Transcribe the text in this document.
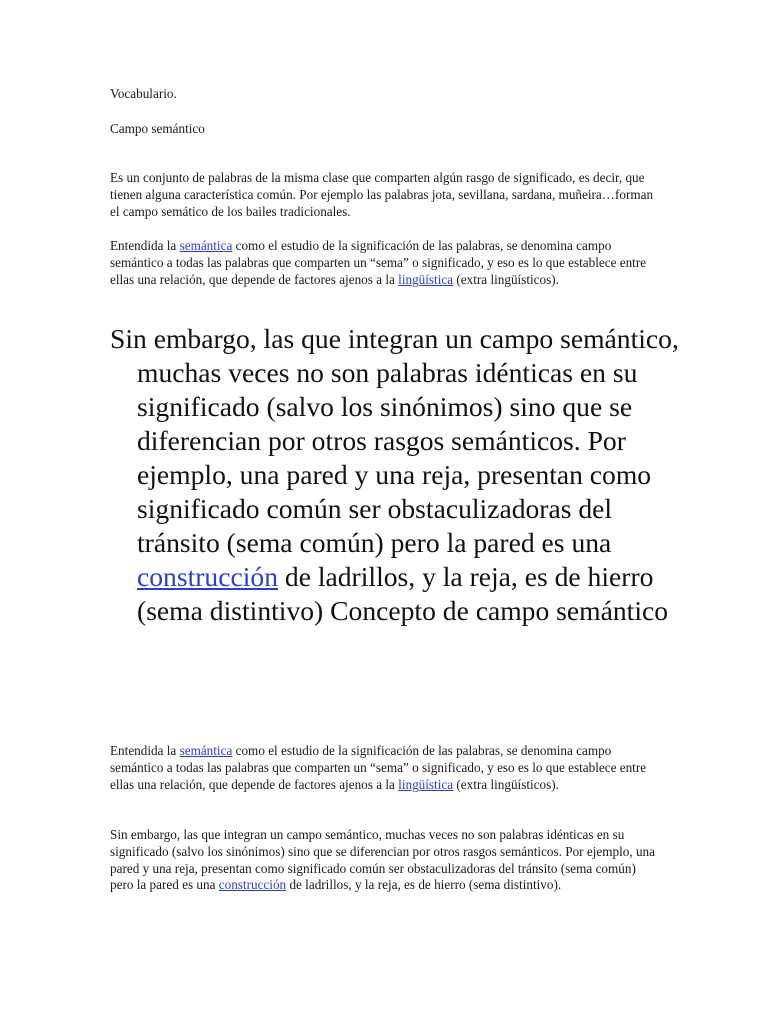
Vocabulario.

Campo semántico

Es un conjunto de palabras de la misma clase que comparten algún rasgo de significado, es decir, que tienen alguna característica común. Por ejemplo las palabras jota, sevillana, sardana, muñeira…forman el campo semático de los bailes tradicionales.

Entendida la semántica como el estudio de la significación de las palabras, se denomina campo semántico a todas las palabras que comparten un “sema” o significado, y eso es lo que establece entre ellas una relación, que depende de factores ajenos a la lingüística (extra lingüísticos).

Sin embargo, las que integran un campo semántico, muchas veces no son palabras idénticas en su significado (salvo los sinónimos) sino que se diferencian por otros rasgos semánticos. Por ejemplo, una pared y una reja, presentan como significado común ser obstaculizadoras del tránsito (sema común) pero la pared es una construcción de ladrillos, y la reja, es de hierro (sema distintivo) Concepto de campo semántico

Entendida la semántica como el estudio de la significación de las palabras, se denomina campo semántico a todas las palabras que comparten un “sema” o significado, y eso es lo que establece entre ellas una relación, que depende de factores ajenos a la lingüística (extra lingüísticos).

Sin embargo, las que integran un campo semántico, muchas veces no son palabras idénticas en su significado (salvo los sinónimos) sino que se diferencian por otros rasgos semánticos. Por ejemplo, una pared y una reja, presentan como significado común ser obstaculizadoras del tránsito (sema común) pero la pared es una construcción de ladrillos, y la reja, es de hierro (sema distintivo).
